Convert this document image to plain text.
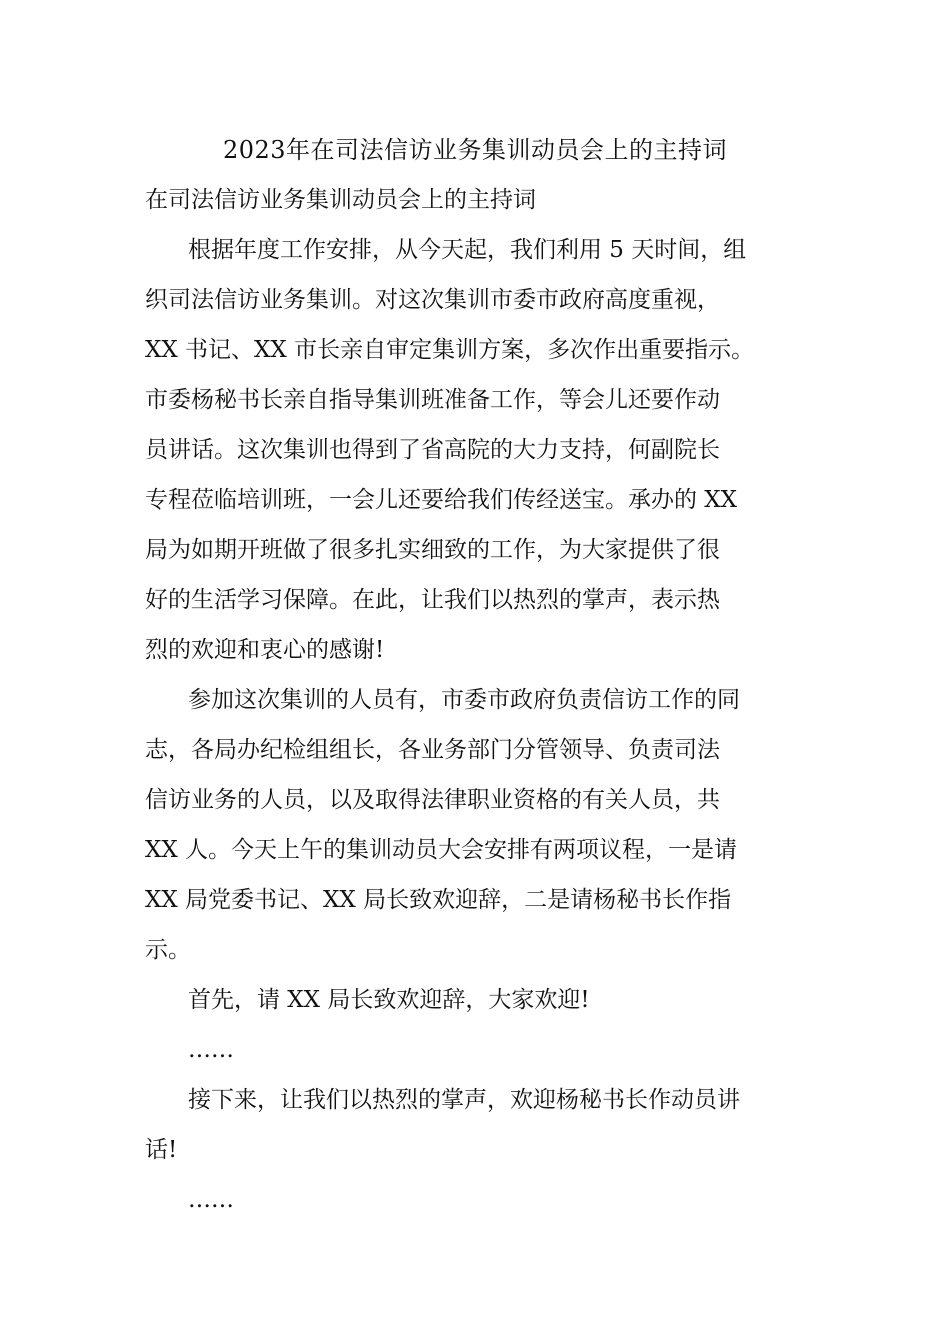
2023年在司法信访业务集训动员会上的主持词
在司法信访业务集训动员会上的主持词
根据年度工作安排，从今天起，我们利用 5 天时间，组
织司法信访业务集训。对这次集训市委市政府高度重视，
XX 书记、XX 市长亲自审定集训方案，多次作出重要指示。
市委杨秘书长亲自指导集训班准备工作，等会儿还要作动
员讲话。这次集训也得到了省高院的大力支持，何副院长
专程莅临培训班，一会儿还要给我们传经送宝。承办的 XX
局为如期开班做了很多扎实细致的工作，为大家提供了很
好的生活学习保障。在此，让我们以热烈的掌声，表示热
烈的欢迎和衷心的感谢!
参加这次集训的人员有，市委市政府负责信访工作的同
志，各局办纪检组组长，各业务部门分管领导、负责司法
信访业务的人员，以及取得法律职业资格的有关人员，共
XX 人。今天上午的集训动员大会安排有两项议程，一是请
XX 局党委书记、XX 局长致欢迎辞，二是请杨秘书长作指
示。
首先，请 XX 局长致欢迎辞，大家欢迎!
……
接下来，让我们以热烈的掌声，欢迎杨秘书长作动员讲
话!
……
